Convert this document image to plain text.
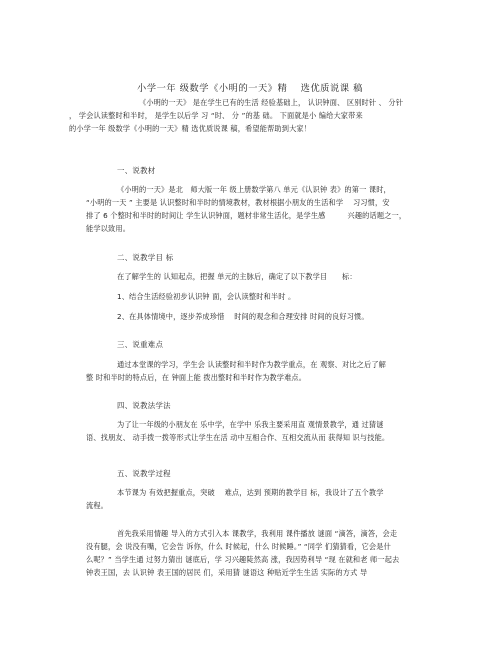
小学一年 级数学《小明的一天》精　 选优质说课 稿
《小明的一天》 是在学生已有的生活 经验基础上， 认识钟面、 区别时针 、 分针
， 学会认读整时和半时， 是学生以后学 习 “时、 分 ”的基 础。 下面就是小 编给大家带来
的小学一年 级数学《小明的一天》精 选优质说课 稿，希望能帮助到大家！
一、说教材
《小明的一天》是北　师大版一年 级上册数学第八 单元《认识钟 表》的第一 课时，
“小明的一天 ” 主要是 认识整时和半时的情境教材，教材根据小朋友的生活和学　 习习惯，安
排了 6 个整时和半时的时间让 学生认识钟面，题材非常生活化，是学生感　　　兴趣的话题之一，
能学以致用。
二、说教学目 标
在了解学生的 认知起点，把握 单元的主脉后，确定了以下教学目　　标：
1、结合生活经验初步认识钟 面，会认读整时和半时 。
2、在具体情境中，逐步养成珍惜　 时间的观念和合理安排 时间的良好习惯。
三、说重难点
通过本堂课的学习，学生会 认读整时和半时作为教学重点，在 观察、对比之后了解
整 时和半时的特点后，在 钟面上能 拨出整时和半时作为教学难点。
四、说教法学法
为了让一年级的小朋友在 乐中学，在学中 乐我主要采用直 观情景教学，通 过猜谜
语、找朋友、 动手拨一拨等形式让学生在活 动中互相合作、互相交流从而 获得知 识与技能。
五、说教学过程
本节课为 有效把握重点，突破　 难点，达到 预期的教学目 标，我设计了五个教学
流程。
首先我采用情趣 导入的方式引入本 课教学，我利用 课件播放 谜面 “滴答，滴答，会走
没有腿，会 说没有嘴，它会告 诉你，什么 时候起，什么 时候睡。” “同学 们猜猜看，它会是什
么呢？” 当学生通 过努力猜出 谜底后，学 习兴趣陡然高 涨，我因势利导 “现 在就和老 师一起去
钟表王国，去 认识钟 表王国的居民 们，采用猜 谜语这 种贴近学生生活 实际的方式 导
